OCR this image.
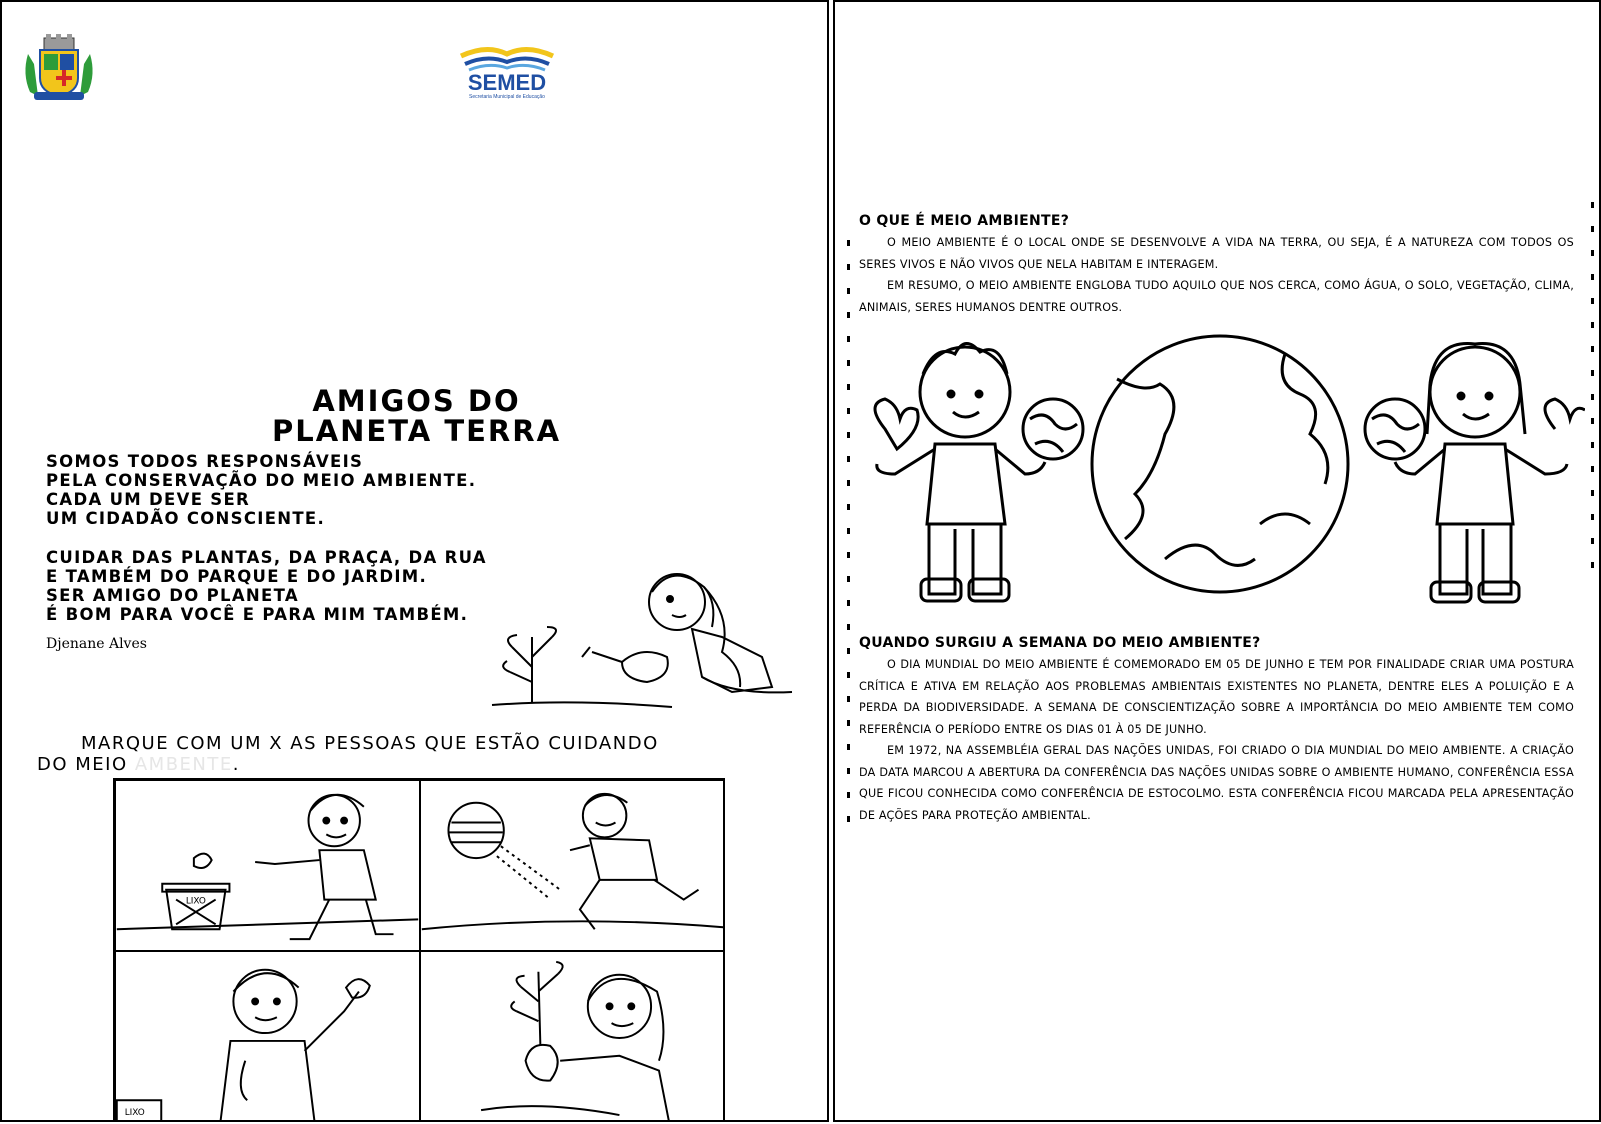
SEMED
Secretaria Municipal de Educação
AMIGOS DO
PLANETA TERRA
SOMOS TODOS RESPONSÁVEIS
PELA CONSERVAÇÃO DO MEIO AMBIENTE.
CADA UM DEVE SER
UM CIDADÃO CONSCIENTE.
CUIDAR DAS PLANTAS, DA PRAÇA, DA RUA
E TAMBÉM DO PARQUE E DO JARDIM.
SER AMIGO DO PLANETA
É BOM PARA VOCÊ E PARA MIM TAMBÉM.
Djenane Alves
MARQUE COM UM X AS PESSOAS QUE ESTÃO CUIDANDO
DO MEIO AMBENTE.
LIXO
LIXO
O QUE É MEIO AMBIENTE?

O MEIO AMBIENTE É O LOCAL ONDE SE DESENVOLVE A VIDA NA TERRA, OU SEJA, É A NATUREZA COM TODOS OS SERES VIVOS E NÃO VIVOS QUE NELA HABITAM E INTERAGEM.

EM RESUMO, O MEIO AMBIENTE ENGLOBA TUDO AQUILO QUE NOS CERCA, COMO ÁGUA, O SOLO, VEGETAÇÃO, CLIMA, ANIMAIS, SERES HUMANOS DENTRE OUTROS.

QUANDO SURGIU A SEMANA DO MEIO AMBIENTE?

O DIA MUNDIAL DO MEIO AMBIENTE É COMEMORADO EM 05 DE JUNHO E TEM POR FINALIDADE CRIAR UMA POSTURA CRÍTICA E ATIVA EM RELAÇÃO AOS PROBLEMAS AMBIENTAIS EXISTENTES NO PLANETA, DENTRE ELES A POLUIÇÃO E A PERDA DA BIODIVERSIDADE. A SEMANA DE CONSCIENTIZAÇÃO SOBRE A IMPORTÂNCIA DO MEIO AMBIENTE TEM COMO REFERÊNCIA O PERÍODO ENTRE OS DIAS 01 À 05 DE JUNHO.

EM 1972, NA ASSEMBLÉIA GERAL DAS NAÇÕES UNIDAS, FOI CRIADO O DIA MUNDIAL DO MEIO AMBIENTE. A CRIAÇÃO DA DATA MARCOU A ABERTURA DA CONFERÊNCIA DAS NAÇÕES UNIDAS SOBRE O AMBIENTE HUMANO, CONFERÊNCIA ESSA QUE FICOU CONHECIDA COMO CONFERÊNCIA DE ESTOCOLMO. ESTA CONFERÊNCIA FICOU MARCADA PELA APRESENTAÇÃO DE AÇÕES PARA PROTEÇÃO AMBIENTAL.
